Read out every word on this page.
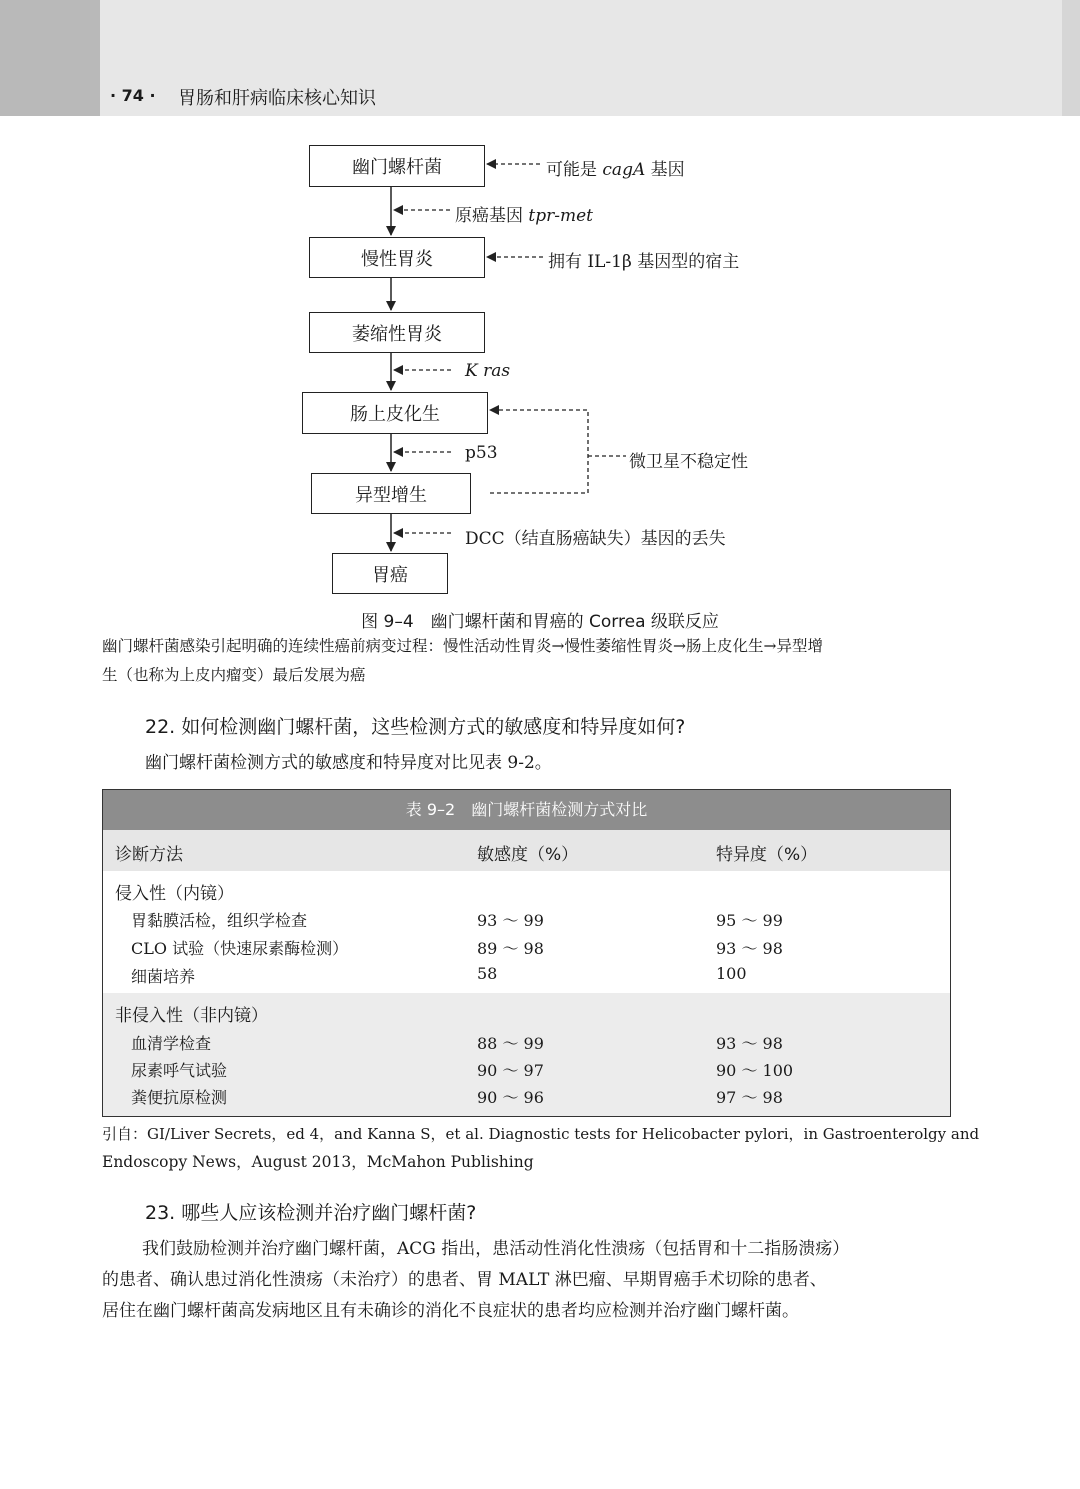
· 74 · 胃肠和肝病临床核心知识
幽门螺杆菌
慢性胃炎
萎缩性胃炎
肠上皮化生
异型增生
胃癌
可能是 cagA 基因
原癌基因 tpr-met
拥有 IL-1β 基因型的宿主
K ras
p53	微卫星不稳定性
DCC（结直肠癌缺失）基因的丢失
图 9–4　幽门螺杆菌和胃癌的 Correa 级联反应
幽门螺杆菌感染引起明确的连续性癌前病变过程：慢性活动性胃炎→慢性萎缩性胃炎→肠上皮化生→异型增
生（也称为上皮内瘤变）最后发展为癌
22. 如何检测幽门螺杆菌，这些检测方式的敏感度和特异度如何?
幽门螺杆菌检测方式的敏感度和特异度对比见表 9-2。
表 9–2　幽门螺杆菌检测方式对比
诊断方法	敏感度（%）	特异度（%）
侵入性（内镜）
胃黏膜活检，组织学检查	93 ～ 99	95 ～ 99
CLO 试验（快速尿素酶检测）	89 ～ 98	93 ～ 98
细菌培养	58	100
非侵入性（非内镜）
血清学检查	88 ～ 99	93 ～ 98
尿素呼气试验	90 ～ 97	90 ～ 100
粪便抗原检测	90 ～ 96	97 ～ 98
引自：GI/Liver Secrets，ed 4，and Kanna S，et al. Diagnostic tests for Helicobacter pylori，in Gastroenterolgy and
Endoscopy News，August 2013，McMahon Publishing
23. 哪些人应该检测并治疗幽门螺杆菌?
我们鼓励检测并治疗幽门螺杆菌，ACG 指出，患活动性消化性溃疡（包括胃和十二指肠溃疡）
的患者、确认患过消化性溃疡（未治疗）的患者、胃 MALT 淋巴瘤、早期胃癌手术切除的患者、
居住在幽门螺杆菌高发病地区且有未确诊的消化不良症状的患者均应检测并治疗幽门螺杆菌。
